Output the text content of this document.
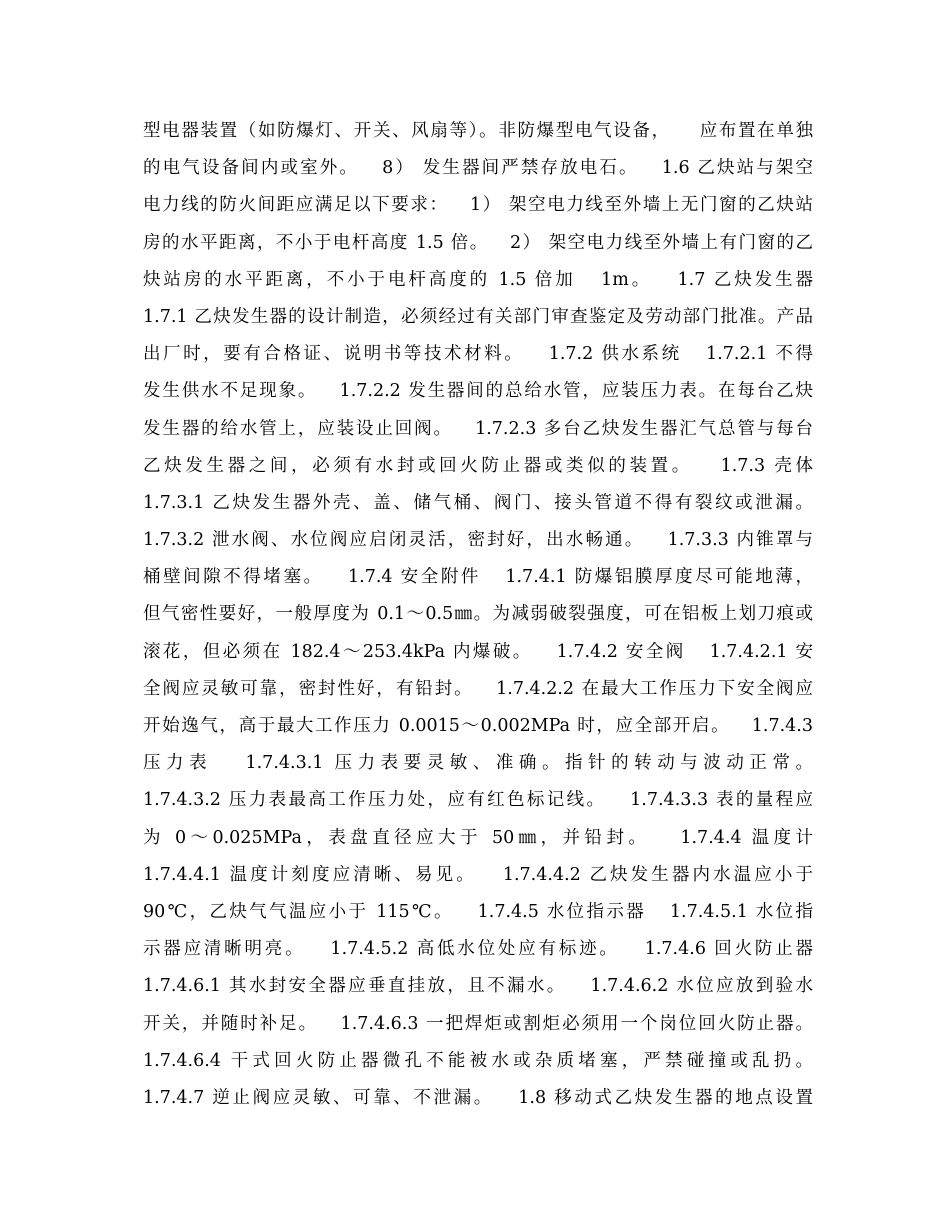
型电器装置（如防爆灯、开关、风扇等）。非防爆型电气设备，    应布置在单独
的电气设备间内或室外。   8） 发生器间严禁存放电石。   1.6 乙炔站与架空
电力线的防火间距应满足以下要求：   1） 架空电力线至外墙上无门窗的乙炔站
房的水平距离，不小于电杆高度 1.5 倍。   2） 架空电力线至外墙上有门窗的乙
炔站房的水平距离，不小于电杆高度的 1.5 倍加   1m。   1.7 乙炔发生器
1.7.1 乙炔发生器的设计制造，必须经过有关部门审查鉴定及劳动部门批准。产品
出厂时，要有合格证、说明书等技术材料。   1.7.2 供水系统   1.7.2.1 不得
发生供水不足现象。   1.7.2.2 发生器间的总给水管，应装压力表。在每台乙炔
发生器的给水管上，应装设止回阀。   1.7.2.3 多台乙炔发生器汇气总管与每台
乙炔发生器之间，必须有水封或回火防止器或类似的装置。   1.7.3 壳体
1.7.3.1 乙炔发生器外壳、盖、储气桶、阀门、接头管道不得有裂纹或泄漏。
1.7.3.2 泄水阀、水位阀应启闭灵活，密封好，出水畅通。   1.7.3.3 内锥罩与
桶壁间隙不得堵塞。   1.7.4 安全附件   1.7.4.1 防爆铝膜厚度尽可能地薄，
但气密性要好，一般厚度为 0.1～0.5㎜。为减弱破裂强度，可在铝板上划刀痕或
滚花，但必须在 182.4～253.4kPa 内爆破。   1.7.4.2 安全阀   1.7.4.2.1 安
全阀应灵敏可靠，密封性好，有铅封。   1.7.4.2.2 在最大工作压力下安全阀应
开始逸气，高于最大工作压力 0.0015～0.002MPa 时，应全部开启。   1.7.4.3
压力表   1.7.4.3.1 压力表要灵敏、准确。指针的转动与波动正常。
1.7.4.3.2 压力表最高工作压力处，应有红色标记线。   1.7.4.3.3 表的量程应
为 0～0.025MPa，表盘直径应大于 50㎜，并铅封。   1.7.4.4 温度计
1.7.4.4.1 温度计刻度应清晰、易见。   1.7.4.4.2 乙炔发生器内水温应小于
90℃，乙炔气气温应小于 115℃。   1.7.4.5 水位指示器   1.7.4.5.1 水位指
示器应清晰明亮。   1.7.4.5.2 高低水位处应有标迹。   1.7.4.6 回火防止器
1.7.4.6.1 其水封安全器应垂直挂放，且不漏水。   1.7.4.6.2 水位应放到验水
开关，并随时补足。   1.7.4.6.3 一把焊炬或割炬必须用一个岗位回火防止器。
1.7.4.6.4 干式回火防止器微孔不能被水或杂质堵塞，严禁碰撞或乱扔。
1.7.4.7 逆止阀应灵敏、可靠、不泄漏。   1.8 移动式乙炔发生器的地点设置
